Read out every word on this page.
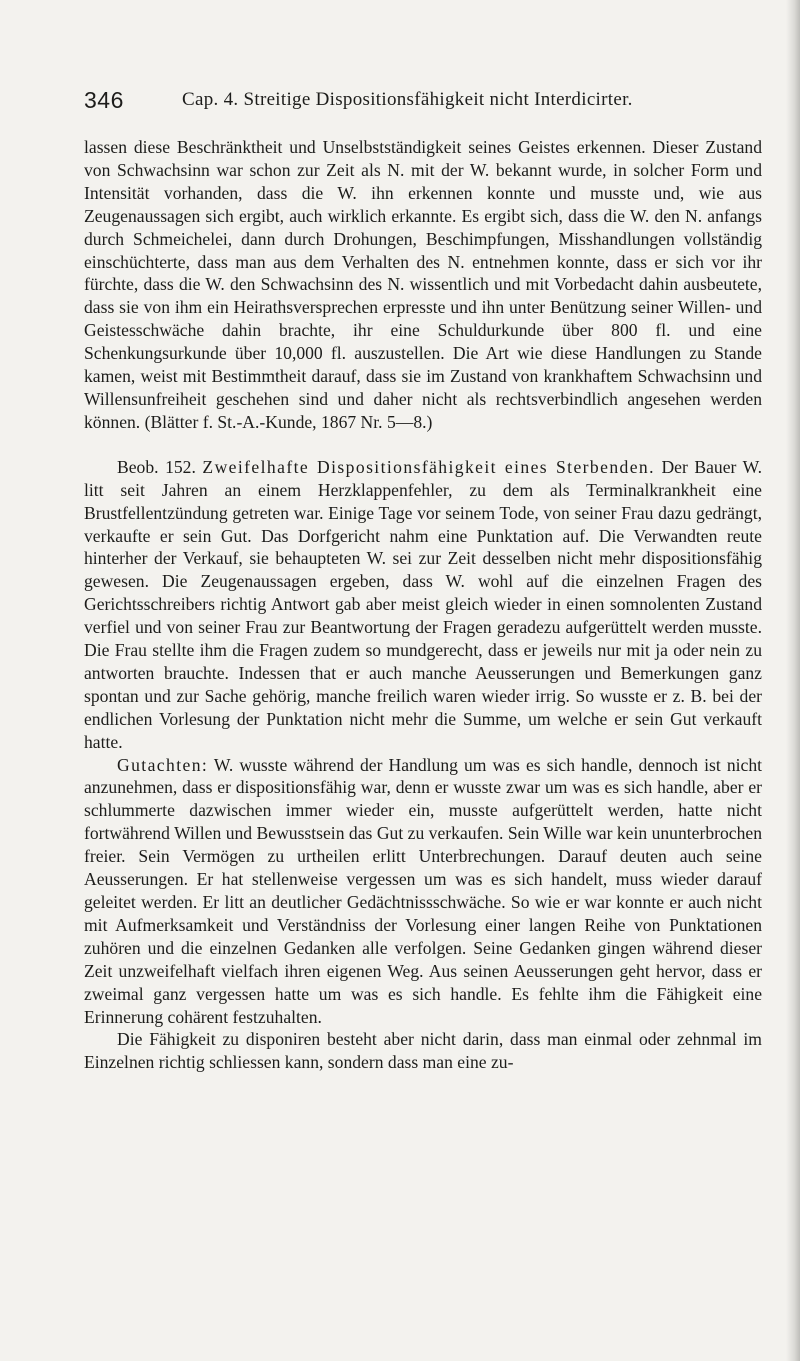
346	Cap. 4. Streitige Dispositionsfähigkeit nicht Interdicirter.

lassen diese Beschränktheit und Unselbstständigkeit seines Geistes erkennen. Dieser Zustand von Schwachsinn war schon zur Zeit als N. mit der W. bekannt wurde, in solcher Form und Intensität vorhanden, dass die W. ihn erkennen konnte und musste und, wie aus Zeugenaussagen sich ergibt, auch wirklich erkannte. Es ergibt sich, dass die W. den N. anfangs durch Schmeichelei, dann durch Drohungen, Beschimpfungen, Misshandlungen vollständig einschüchterte, dass man aus dem Verhalten des N. entnehmen konnte, dass er sich vor ihr fürchte, dass die W. den Schwachsinn des N. wissentlich und mit Vorbedacht dahin ausbeutete, dass sie von ihm ein Heirathsversprechen erpresste und ihn unter Benützung seiner Willen- und Geistesschwäche dahin brachte, ihr eine Schuldurkunde über 800 fl. und eine Schenkungsurkunde über 10,000 fl. auszustellen. Die Art wie diese Handlungen zu Stande kamen, weist mit Bestimmtheit darauf, dass sie im Zustand von krankhaftem Schwachsinn und Willensunfreiheit geschehen sind und daher nicht als rechtsverbindlich angesehen werden können. (Blätter f. St.-A.-Kunde, 1867 Nr. 5—8.)

Beob. 152. Zweifelhafte Dispositionsfähigkeit eines Sterbenden. Der Bauer W. litt seit Jahren an einem Herzklappenfehler, zu dem als Terminalkrankheit eine Brustfellentzündung getreten war. Einige Tage vor seinem Tode, von seiner Frau dazu gedrängt, verkaufte er sein Gut. Das Dorfgericht nahm eine Punktation auf. Die Verwandten reute hinterher der Verkauf, sie behaupteten W. sei zur Zeit desselben nicht mehr dispositionsfähig gewesen. Die Zeugenaussagen ergeben, dass W. wohl auf die einzelnen Fragen des Gerichtsschreibers richtig Antwort gab aber meist gleich wieder in einen somnolenten Zustand verfiel und von seiner Frau zur Beantwortung der Fragen geradezu aufgerüttelt werden musste. Die Frau stellte ihm die Fragen zudem so mundgerecht, dass er jeweils nur mit ja oder nein zu antworten brauchte. Indessen that er auch manche Aeusserungen und Bemerkungen ganz spontan und zur Sache gehörig, manche freilich waren wieder irrig. So wusste er z. B. bei der endlichen Vorlesung der Punktation nicht mehr die Summe, um welche er sein Gut verkauft hatte.

Gutachten: W. wusste während der Handlung um was es sich handle, dennoch ist nicht anzunehmen, dass er dispositionsfähig war, denn er wusste zwar um was es sich handle, aber er schlummerte dazwischen immer wieder ein, musste aufgerüttelt werden, hatte nicht fortwährend Willen und Bewusstsein das Gut zu verkaufen. Sein Wille war kein ununterbrochen freier. Sein Vermögen zu urtheilen erlitt Unterbrechungen. Darauf deuten auch seine Aeusserungen. Er hat stellenweise vergessen um was es sich handelt, muss wieder darauf geleitet werden. Er litt an deutlicher Gedächtnissschwäche. So wie er war konnte er auch nicht mit Aufmerksamkeit und Verständniss der Vorlesung einer langen Reihe von Punktationen zuhören und die einzelnen Gedanken alle verfolgen. Seine Gedanken gingen während dieser Zeit unzweifelhaft vielfach ihren eigenen Weg. Aus seinen Aeusserungen geht hervor, dass er zweimal ganz vergessen hatte um was es sich handle. Es fehlte ihm die Fähigkeit eine Erinnerung cohärent festzuhalten.

Die Fähigkeit zu disponiren besteht aber nicht darin, dass man einmal oder zehnmal im Einzelnen richtig schliessen kann, sondern dass man eine zu-
